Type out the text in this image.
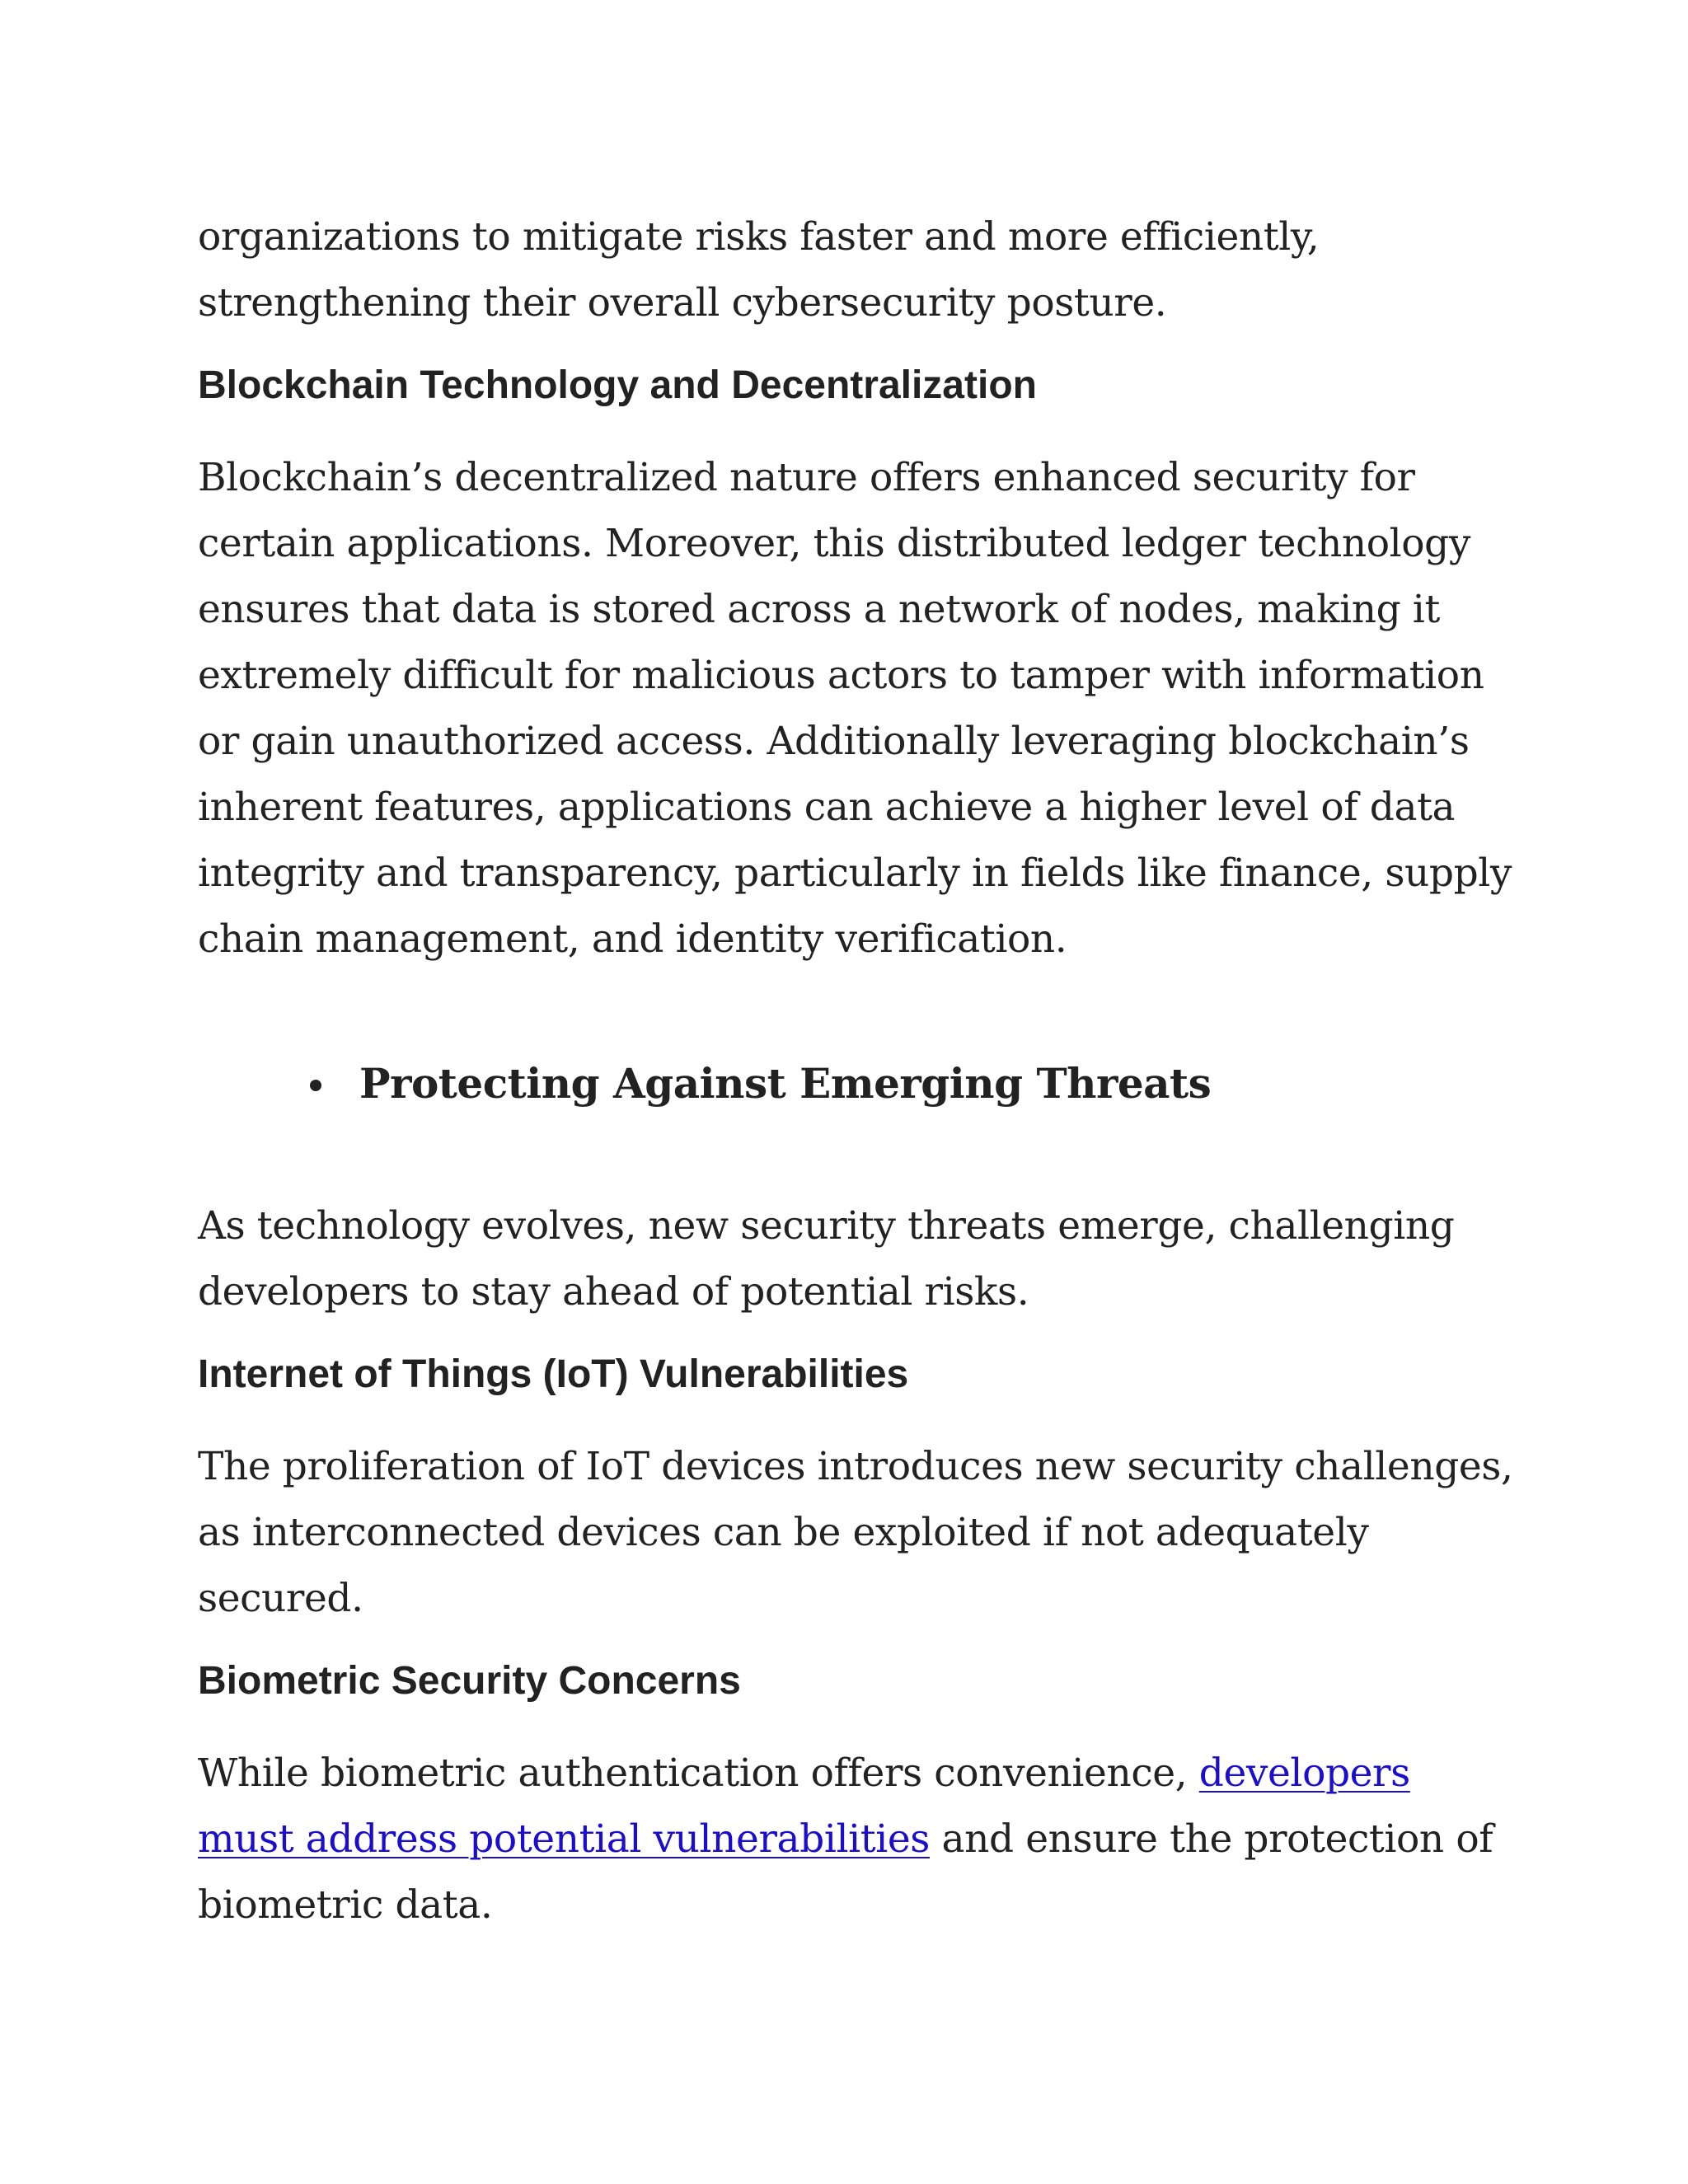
organizations to mitigate risks faster and more efficiently, strengthening their overall cybersecurity posture.

Blockchain Technology and Decentralization

Blockchain’s decentralized nature offers enhanced security for certain applications. Moreover, this distributed ledger technology ensures that data is stored across a network of nodes, making it extremely difficult for malicious actors to tamper with information or gain unauthorized access. Additionally leveraging blockchain’s inherent features, applications can achieve a higher level of data integrity and transparency, particularly in fields like finance, supply chain management, and identity verification.

Protecting Against Emerging Threats

As technology evolves, new security threats emerge, challenging developers to stay ahead of potential risks.

Internet of Things (IoT) Vulnerabilities

The proliferation of IoT devices introduces new security challenges, as interconnected devices can be exploited if not adequately secured.

Biometric Security Concerns

While biometric authentication offers convenience, developers must address potential vulnerabilities and ensure the protection of biometric data.
